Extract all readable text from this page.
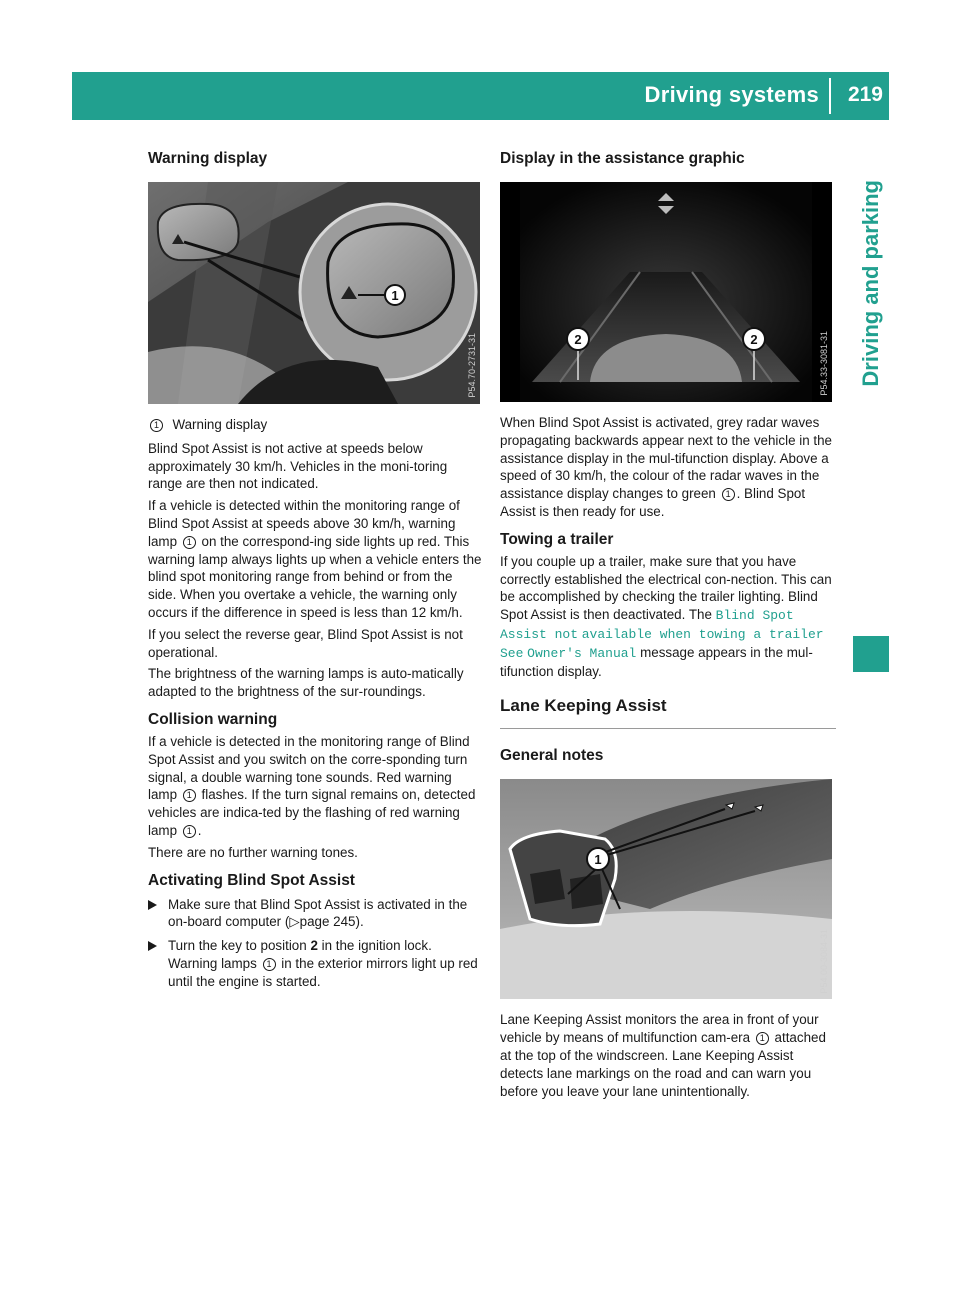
Driving systems 219
Driving and parking
Warning display
1
P54.70-2731-31

1 Warning display

Blind Spot Assist is not active at speeds below approximately 30 km/h. Vehicles in the moni-toring range are then not indicated.

If a vehicle is detected within the monitoring range of Blind Spot Assist at speeds above 30 km/h, warning lamp 1 on the correspond-ing side lights up red. This warning lamp always lights up when a vehicle enters the blind spot monitoring range from behind or from the side. When you overtake a vehicle, the warning only occurs if the difference in speed is less than 12 km/h.

If you select the reverse gear, Blind Spot Assist is not operational.

The brightness of the warning lamps is auto-matically adapted to the brightness of the sur-roundings.

Collision warning

If a vehicle is detected in the monitoring range of Blind Spot Assist and you switch on the corre-sponding turn signal, a double warning tone sounds. Red warning lamp 1 flashes. If the turn signal remains on, detected vehicles are indica-ted by the flashing of red warning lamp 1 .

There are no further warning tones.

Activating Blind Spot Assist
Make sure that Blind Spot Assist is activated in the on-board computer (▷page 245).
Turn the key to position 2 in the ignition lock. Warning lamps 1 in the exterior mirrors light up red until the engine is started.
Display in the assistance graphic
2	2	P54.33-3081-31

When Blind Spot Assist is activated, grey radar waves propagating backwards appear next to the vehicle in the assistance display in the mul-tifunction display. Above a speed of 30 km/h, the colour of the radar waves in the assistance display changes to green 1 . Blind Spot Assist is then ready for use.

Towing a trailer

If you couple up a trailer, make sure that you have correctly established the electrical con-nection. This can be accomplished by checking the trailer lighting. Blind Spot Assist is then deactivated. The Blind Spot Assist not available when towing a trailer See Owner's Manual message appears in the mul-tifunction display.

Lane Keeping Assist
General notes
1
P54.00-3084-31

Lane Keeping Assist monitors the area in front of your vehicle by means of multifunction cam-era 1 attached at the top of the windscreen. Lane Keeping Assist detects lane markings on the road and can warn you before you leave your lane unintentionally.
